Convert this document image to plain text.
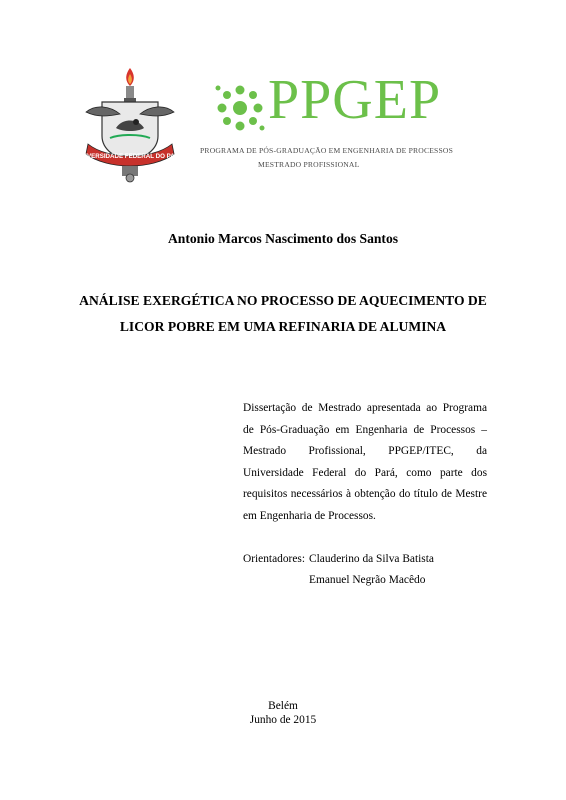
UNIVERSIDADE FEDERAL DO PARÁ
PPGEP
PROGRAMA DE PÓS-GRADUAÇÃO EM ENGENHARIA DE PROCESSOS
MESTRADO PROFISSIONAL
Antonio Marcos Nascimento dos Santos
ANÁLISE EXERGÉTICA NO PROCESSO DE AQUECIMENTO DE
LICOR POBRE EM UMA REFINARIA DE ALUMINA
Dissertação de Mestrado apresentada ao Programa
de Pós-Graduação em Engenharia de Processos –
Mestrado Profissional, PPGEP/ITEC, da
Universidade Federal do Pará, como parte dos
requisitos necessários à obtenção do título de Mestre
em Engenharia de Processos.
Orientadores: Clauderino da Silva Batista
Emanuel Negrão Macêdo
Belém
Junho de 2015
